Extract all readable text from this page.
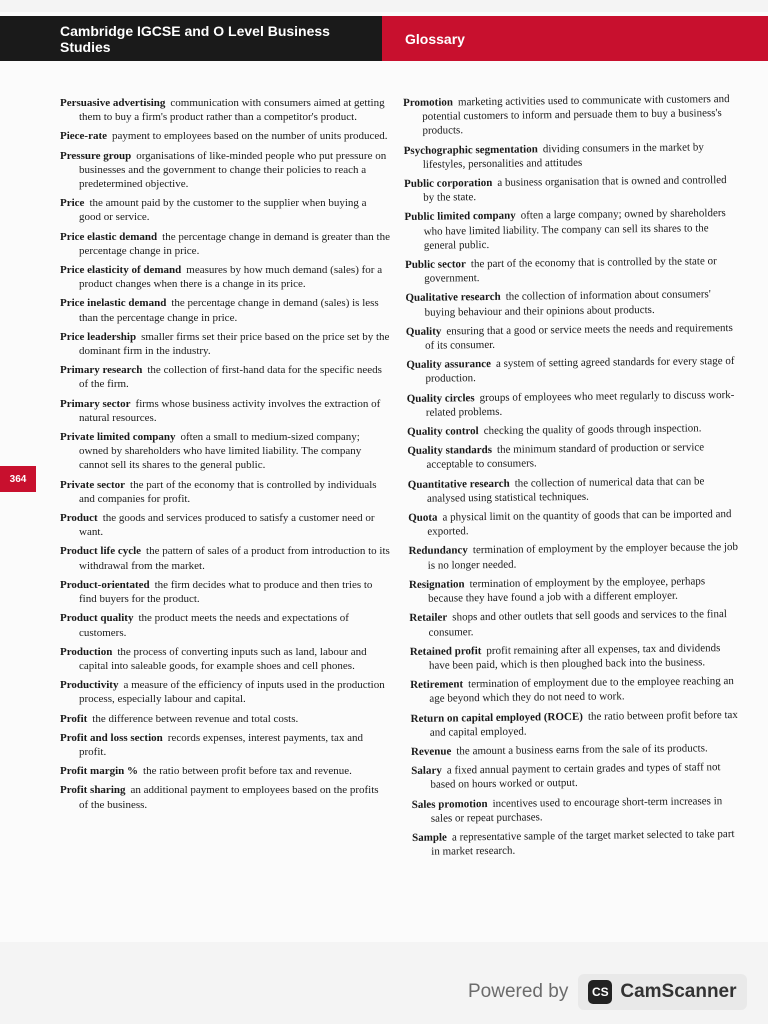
Cambridge IGCSE and O Level Business Studies	Glossary
364
Persuasive advertising communication with consumers aimed at getting them to buy a firm's product rather than a competitor's product.
Piece-rate payment to employees based on the number of units produced.
Pressure group organisations of like-minded people who put pressure on businesses and the government to change their policies to reach a predetermined objective.
Price the amount paid by the customer to the supplier when buying a good or service.
Price elastic demand the percentage change in demand is greater than the percentage change in price.
Price elasticity of demand measures by how much demand (sales) for a product changes when there is a change in its price.
Price inelastic demand the percentage change in demand (sales) is less than the percentage change in price.
Price leadership smaller firms set their price based on the price set by the dominant firm in the industry.
Primary research the collection of first-hand data for the specific needs of the firm.
Primary sector firms whose business activity involves the extraction of natural resources.
Private limited company often a small to medium-sized company; owned by shareholders who have limited liability. The company cannot sell its shares to the general public.
Private sector the part of the economy that is controlled by individuals and companies for profit.
Product the goods and services produced to satisfy a customer need or want.
Product life cycle the pattern of sales of a product from introduction to its withdrawal from the market.
Product-orientated the firm decides what to produce and then tries to find buyers for the product.
Product quality the product meets the needs and expectations of customers.
Production the process of converting inputs such as land, labour and capital into saleable goods, for example shoes and cell phones.
Productivity a measure of the efficiency of inputs used in the production process, especially labour and capital.
Profit the difference between revenue and total costs.
Profit and loss section records expenses, interest payments, tax and profit.
Profit margin % the ratio between profit before tax and revenue.
Profit sharing an additional payment to employees based on the profits of the business.
Promotion marketing activities used to communicate with customers and potential customers to inform and persuade them to buy a business's products.
Psychographic segmentation dividing consumers in the market by lifestyles, personalities and attitudes
Public corporation a business organisation that is owned and controlled by the state.
Public limited company often a large company; owned by shareholders who have limited liability. The company can sell its shares to the general public.
Public sector the part of the economy that is controlled by the state or government.
Qualitative research the collection of information about consumers' buying behaviour and their opinions about products.
Quality ensuring that a good or service meets the needs and requirements of its consumer.
Quality assurance a system of setting agreed standards for every stage of production.
Quality circles groups of employees who meet regularly to discuss work-related problems.
Quality control checking the quality of goods through inspection.
Quality standards the minimum standard of production or service acceptable to consumers.
Quantitative research the collection of numerical data that can be analysed using statistical techniques.
Quota a physical limit on the quantity of goods that can be imported and exported.
Redundancy termination of employment by the employer because the job is no longer needed.
Resignation termination of employment by the employee, perhaps because they have found a job with a different employer.
Retailer shops and other outlets that sell goods and services to the final consumer.
Retained profit profit remaining after all expenses, tax and dividends have been paid, which is then ploughed back into the business.
Retirement termination of employment due to the employee reaching an age beyond which they do not need to work.
Return on capital employed (ROCE) the ratio between profit before tax and capital employed.
Revenue the amount a business earns from the sale of its products.
Salary a fixed annual payment to certain grades and types of staff not based on hours worked or output.
Sales promotion incentives used to encourage short-term increases in sales or repeat purchases.
Sample a representative sample of the target market selected to take part in market research.
Powered by	CS CamScanner
